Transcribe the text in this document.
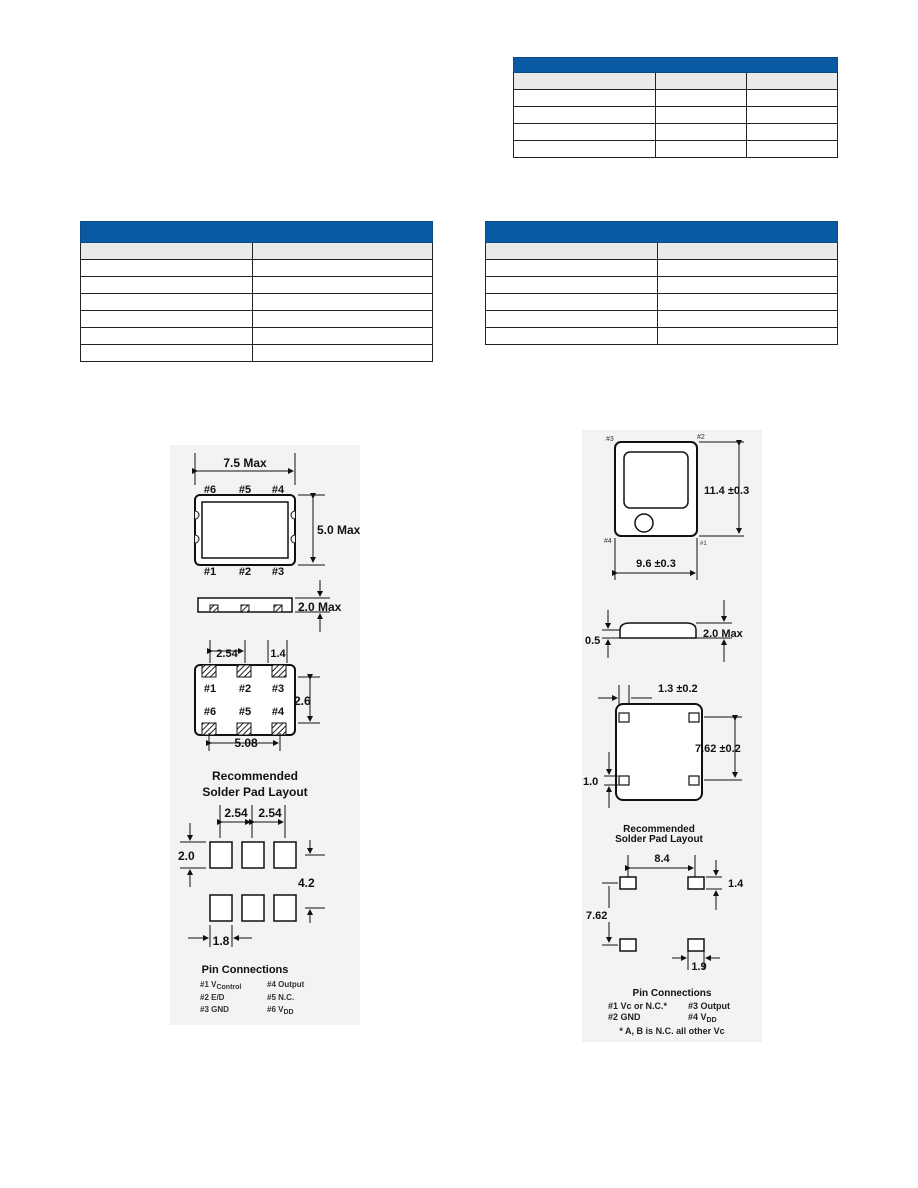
7.5 Max
#6 #5 #4
#1 #2 #3
5.0 Max
2.0 Max
2.54	1.4
#1 #2 #3
#6 #5 #4
2.6
5.08
Recommended
Solder Pad Layout
2.54 2.54
2.0
4.2
1.8
Pin Connections
#1 VControl
#2 E/D
#3 GND
#4 Output
#5 N.C.
#6 VDD
#3	#2
#4	#1
11.4 ±0.3
9.6 ±0.3
0.5
2.0 Max
1.3 ±0.2
7.62 ±0.2
1.0
Recommended
Solder Pad Layout
8.4
1.4
7.62
1.9
Pin Connections
#1 Vc or N.C.*
#2 GND
#3 Output
#4 $V_{DD}$
* A, B is N.C. all other Vc
